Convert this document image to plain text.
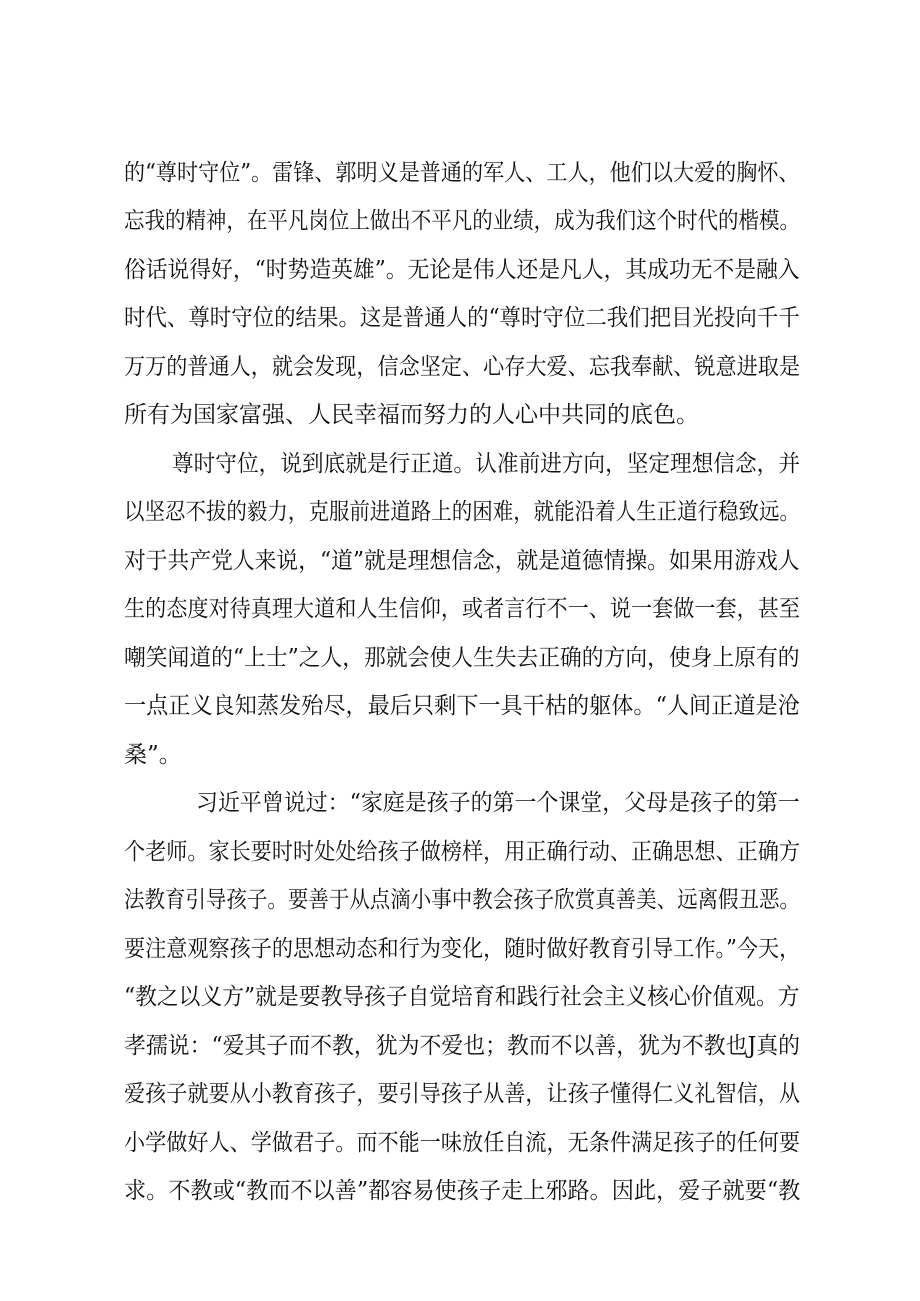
的“尊时守位”。雷锋、郭明义是普通的军人、工人，他们以大爱的胸怀、
忘我的精神，在平凡岗位上做出不平凡的业绩，成为我们这个时代的楷模。
俗话说得好，“时势造英雄”。无论是伟人还是凡人，其成功无不是融入
时代、尊时守位的结果。这是普通人的“尊时守位二我们把目光投向千千
万万的普通人，就会发现，信念坚定、心存大爱、忘我奉献、锐意进取是
所有为国家富强、人民幸福而努力的人心中共同的底色。
尊时守位，说到底就是行正道。认准前进方向，坚定理想信念，并
以坚忍不拔的毅力，克服前进道路上的困难，就能沿着人生正道行稳致远。
对于共产党人来说，“道”就是理想信念，就是道德情操。如果用游戏人
生的态度对待真理大道和人生信仰，或者言行不一、说一套做一套，甚至
嘲笑闻道的“上士”之人，那就会使人生失去正确的方向，使身上原有的
一点正义良知蒸发殆尽，最后只剩下一具干枯的躯体。“人间正道是沧
桑”。
习近平曾说过：“家庭是孩子的第一个课堂，父母是孩子的第一
个老师。家长要时时处处给孩子做榜样，用正确行动、正确思想、正确方
法教育引导孩子。要善于从点滴小事中教会孩子欣赏真善美、远离假丑恶。
要注意观察孩子的思想动态和行为变化，随时做好教育引导工作。”今天，
“教之以义方”就是要教导孩子自觉培育和践行社会主义核心价值观。方
孝孺说：“爱其子而不教，犹为不爱也；教而不以善，犹为不教也J真的
爱孩子就要从小教育孩子，要引导孩子从善，让孩子懂得仁义礼智信，从
小学做好人、学做君子。而不能一味放任自流，无条件满足孩子的任何要
求。不教或“教而不以善”都容易使孩子走上邪路。因此，爱子就要“教
